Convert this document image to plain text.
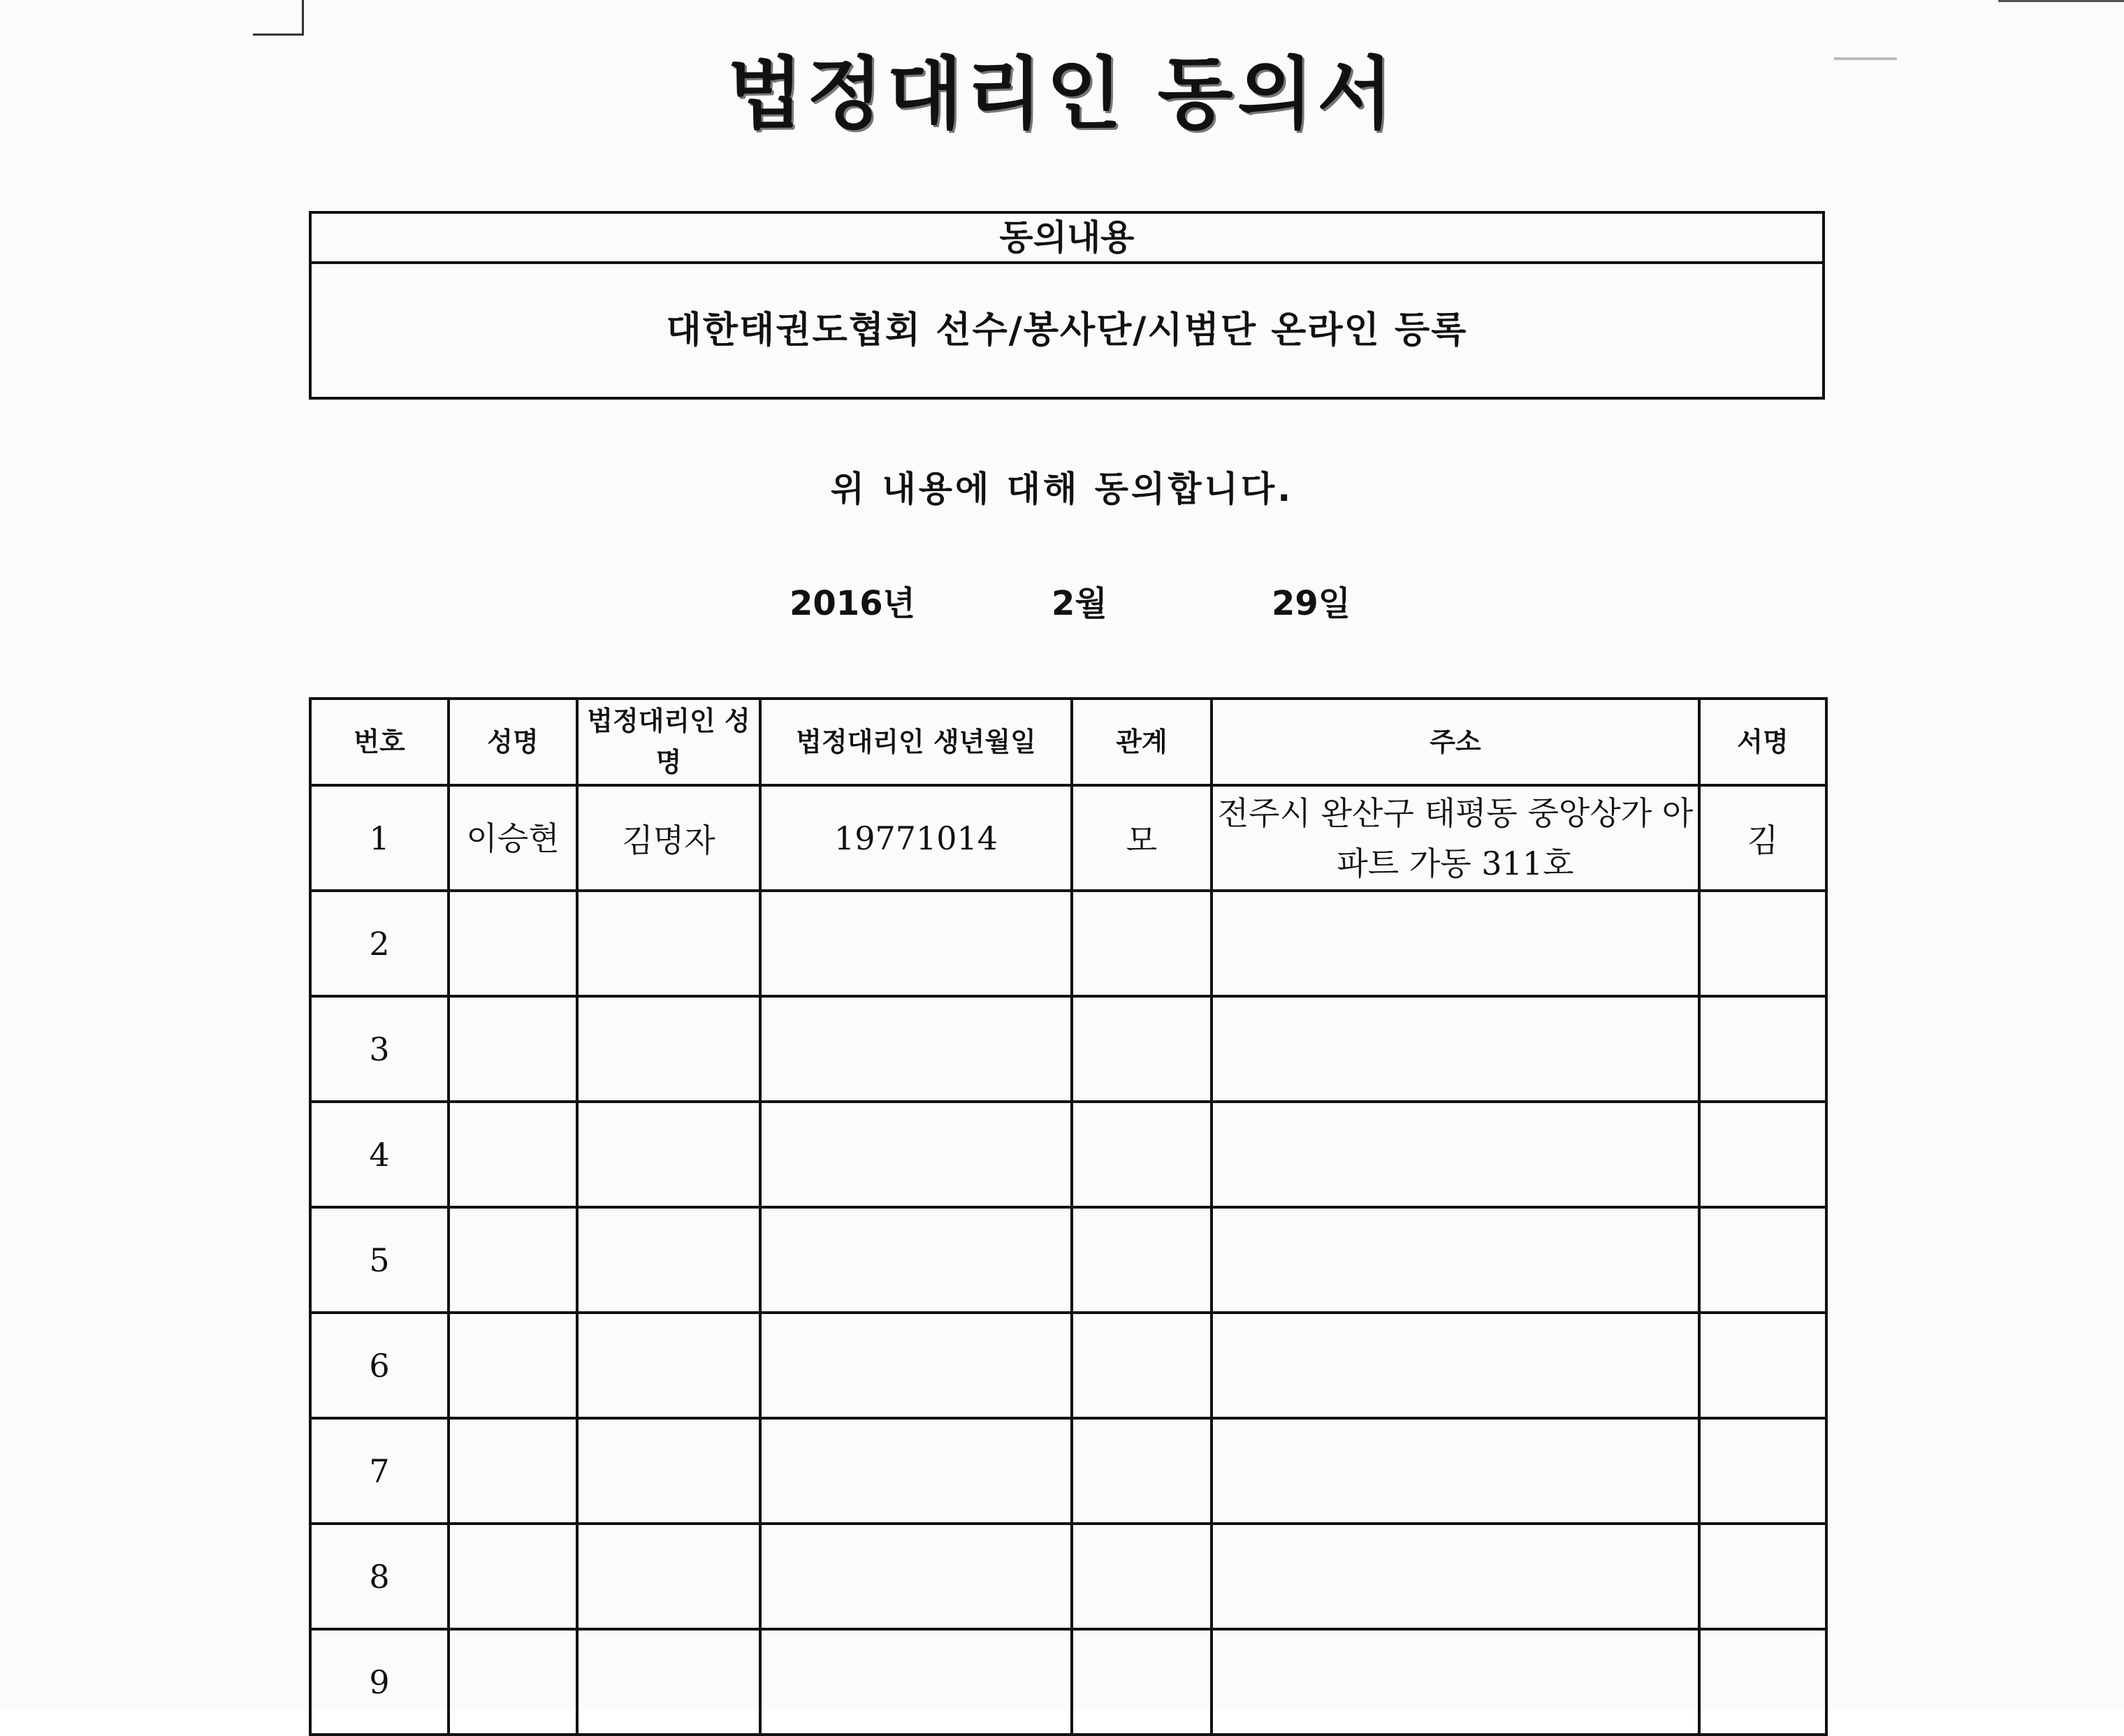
법정대리인 동의서
동의내용
대한태권도협회 선수/봉사단/시범단 온라인 등록
위 내용에 대해 동의합니다.
2016년	2월	29일
번호	성명	법정대리인 성명	법정대리인 생년월일	관계	주소	서명
1	이승현	김명자	19771014	모	전주시 완산구 태평동 중앙상가 아파트 가동 311호	김
2						
3						
4						
5						
6						
7						
8						
9						
